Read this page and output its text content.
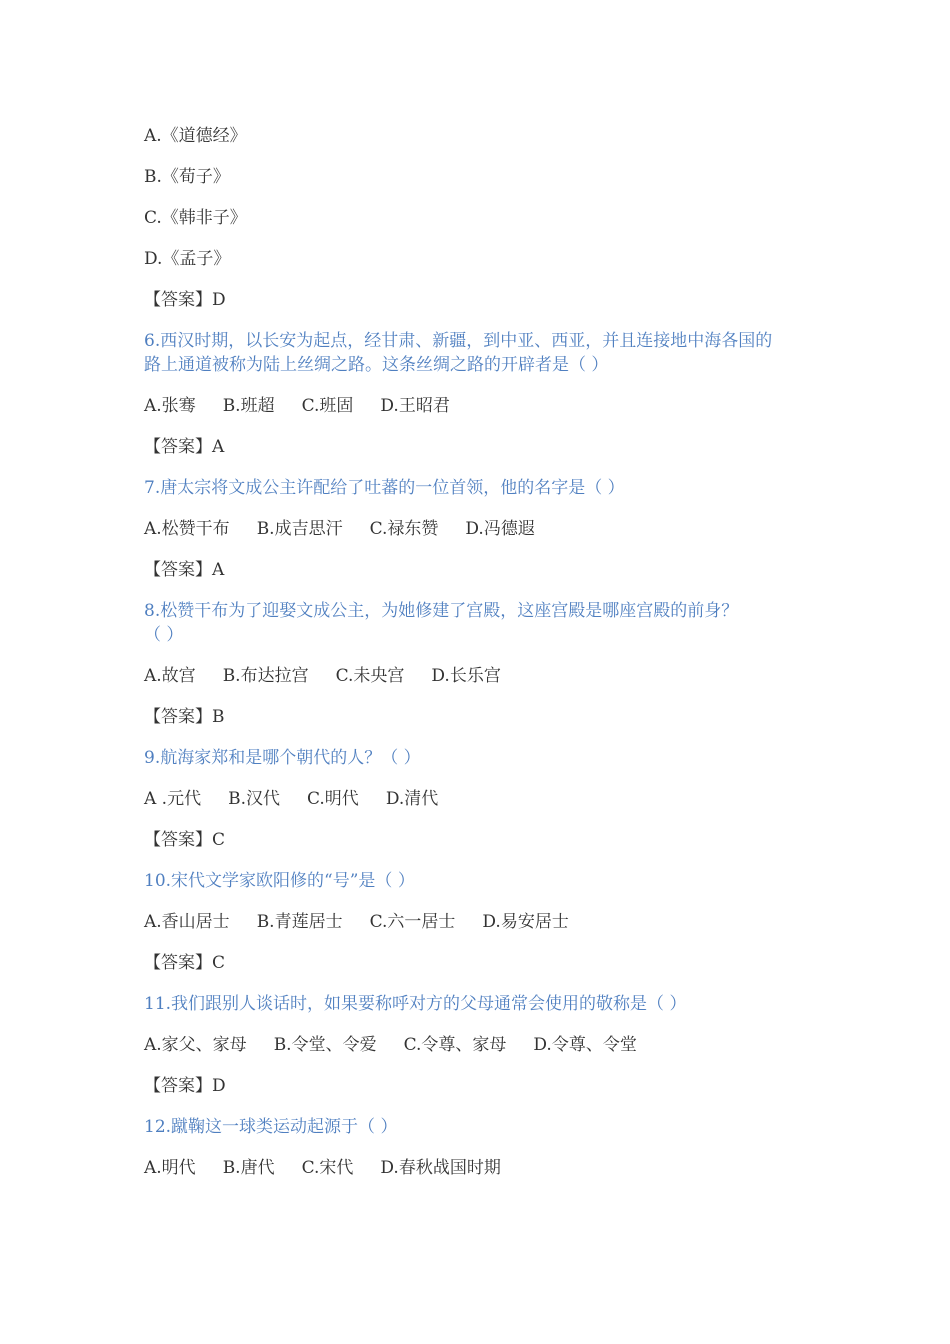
A.《道德经》

B.《荀子》

C.《韩非子》

D.《孟子》

【答案】D

6.西汉时期，以长安为起点，经甘肃、新疆，到中亚、西亚，并且连接地中海各国的

路上通道被称为陆上丝绸之路。这条丝绸之路的开辟者是（ ）

A.张骞 B.班超 C.班固 D.王昭君

【答案】A

7.唐太宗将文成公主许配给了吐蕃的一位首领，他的名字是（ ）

A.松赞干布 B.成吉思汗 C.禄东赞 D.冯德遐

【答案】A

8.松赞干布为了迎娶文成公主，为她修建了宫殿，这座宫殿是哪座宫殿的前身？

（ ）

A.故宫 B.布达拉宫 C.未央宫 D.长乐宫

【答案】B

9.航海家郑和是哪个朝代的人？（ ）

A .元代 B.汉代 C.明代 D.清代

【答案】C

10.宋代文学家欧阳修的“号”是（ ）

A.香山居士 B.青莲居士 C.六一居士 D.易安居士

【答案】C

11.我们跟别人谈话时，如果要称呼对方的父母通常会使用的敬称是（ ）

A.家父、家母 B.令堂、令爱 C.令尊、家母 D.令尊、令堂

【答案】D

12.蹴鞠这一球类运动起源于（ ）

A.明代 B.唐代 C.宋代 D.春秋战国时期
